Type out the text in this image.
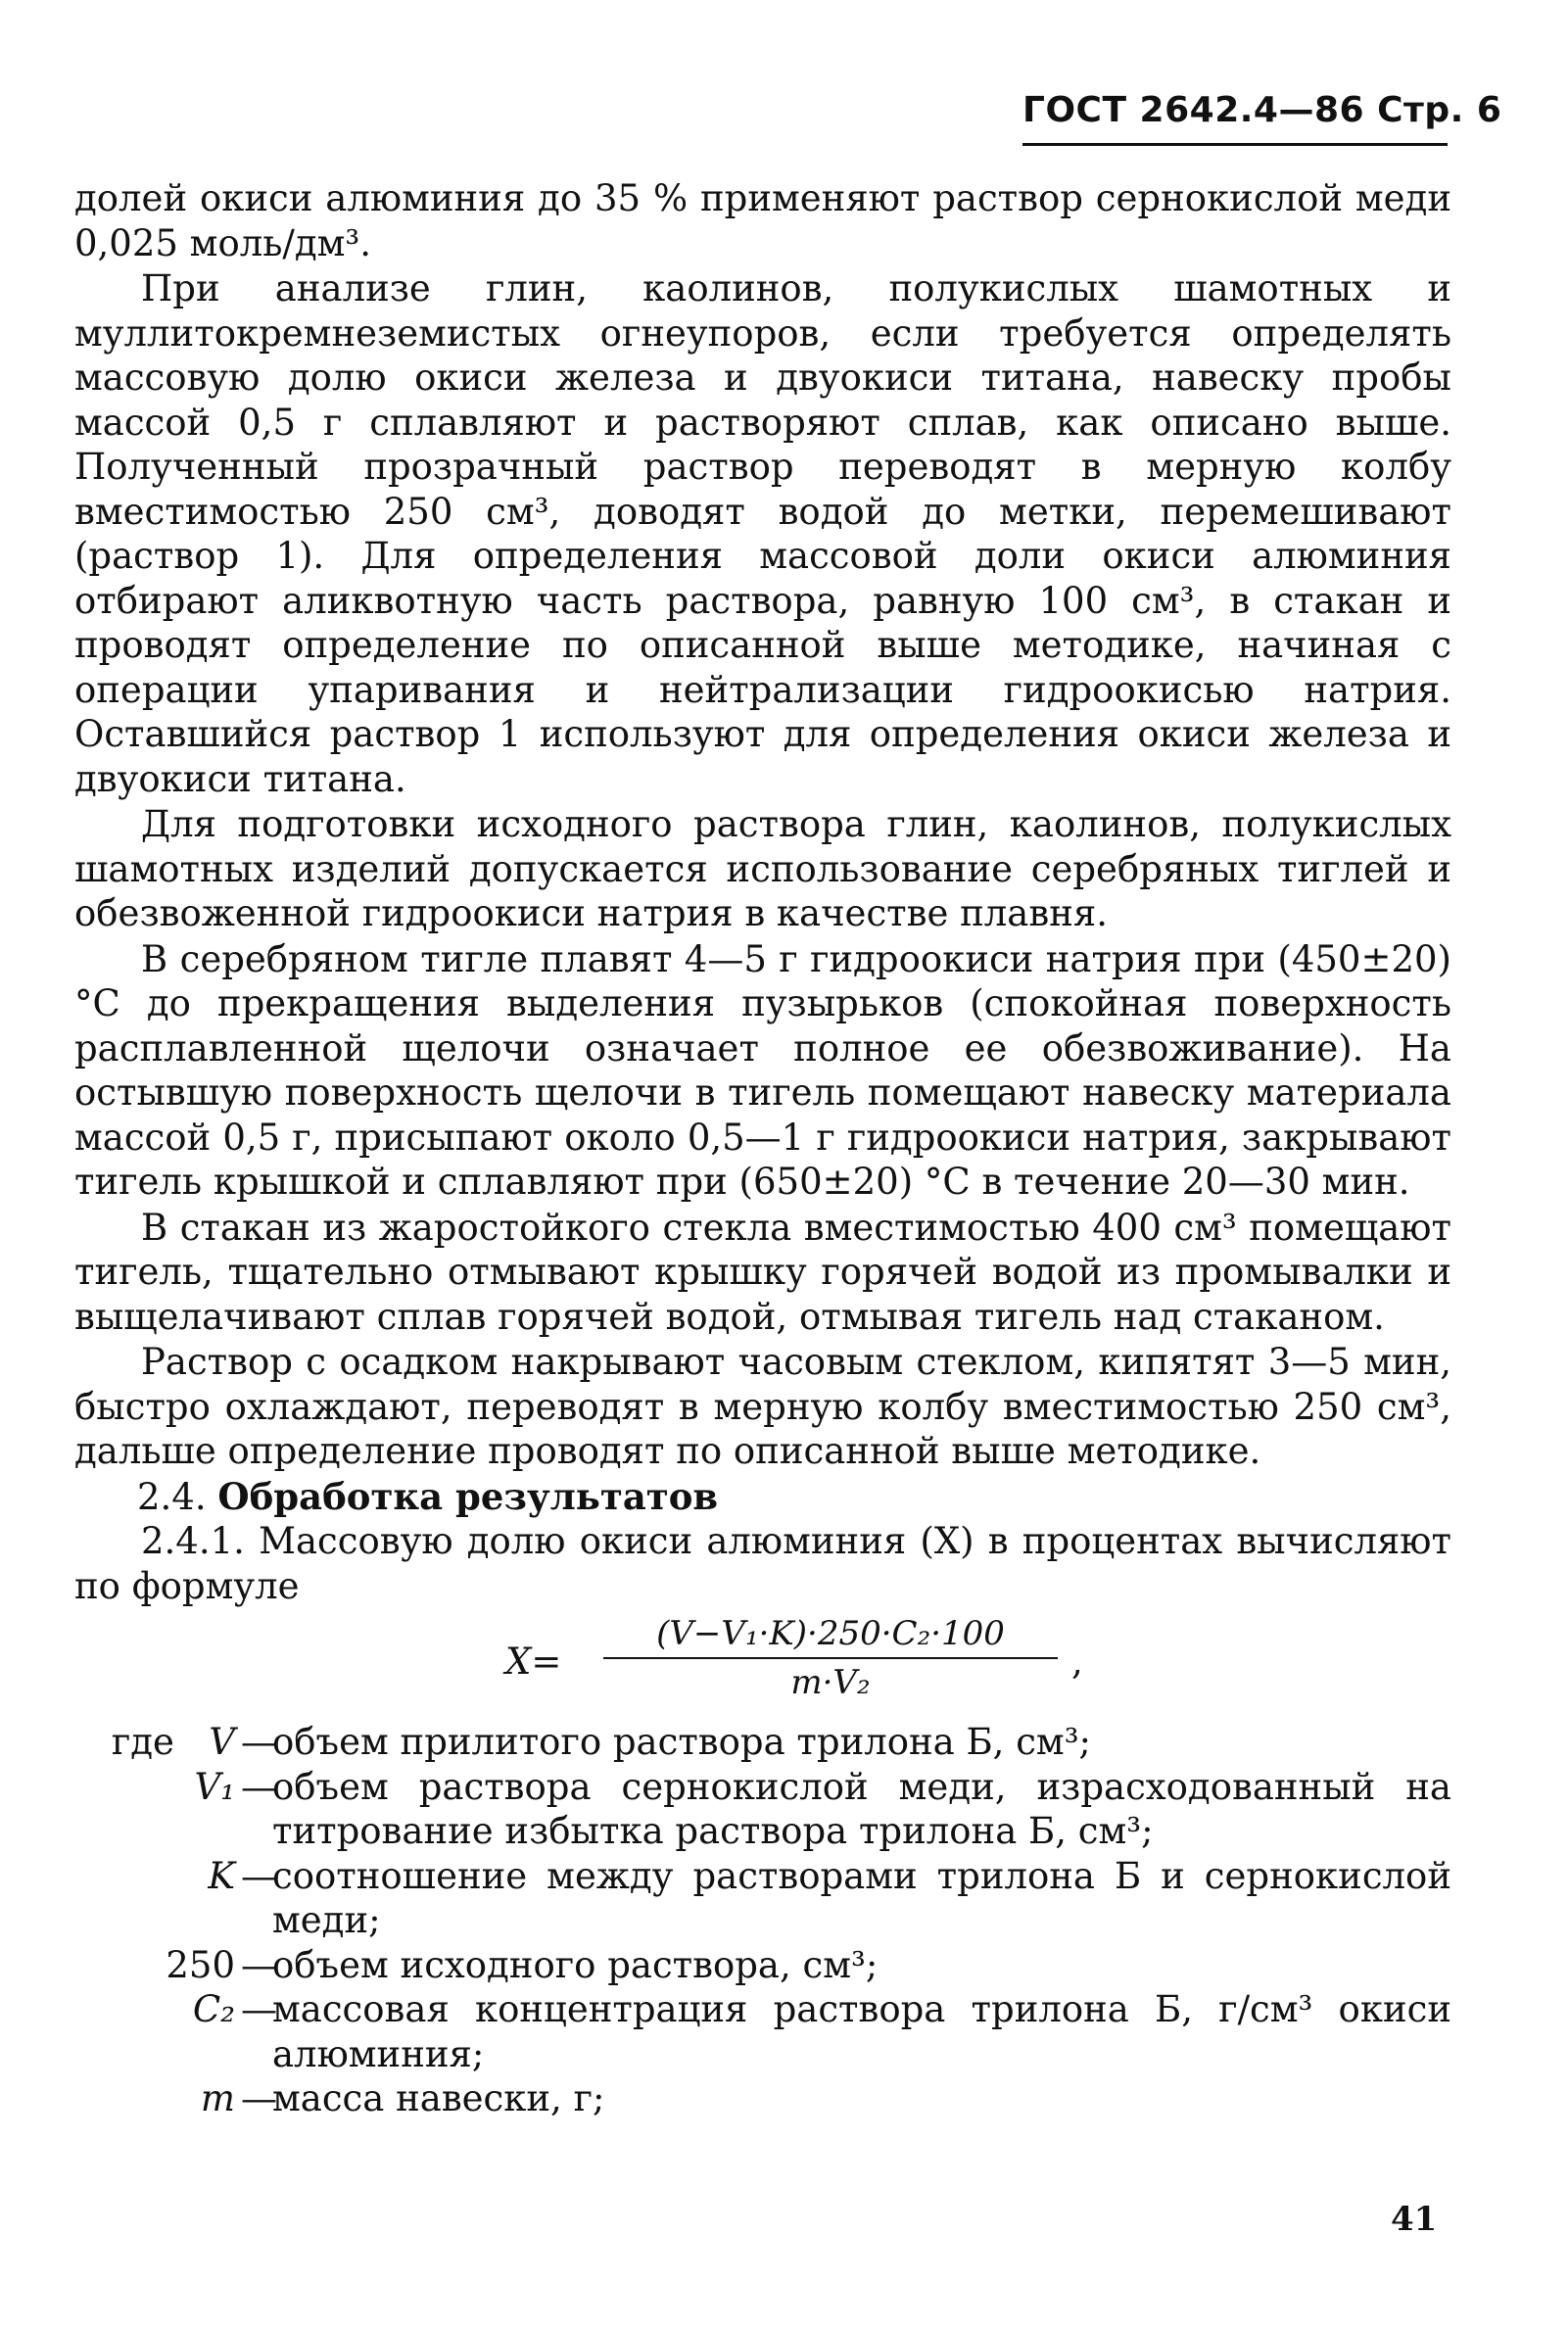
ГОСТ 2642.4—86 Стр. 6

долей окиси алюминия до 35 % применяют раствор сернокислой меди 0,025 моль/дм³.

При анализе глин, каолинов, полукислых шамотных и муллитокремнеземистых огнеупоров, если требуется определять массовую долю окиси железа и двуокиси титана, навеску пробы массой 0,5 г сплавляют и растворяют сплав, как описано выше. Полученный прозрачный раствор переводят в мерную колбу вместимостью 250 см³, доводят водой до метки, перемешивают (раствор 1). Для определения массовой доли окиси алюминия отбирают аликвотную часть раствора, равную 100 см³, в стакан и проводят определение по описанной выше методике, начиная с операции упаривания и нейтрализации гидроокисью натрия. Оставшийся раствор 1 используют для определения окиси железа и двуокиси титана.

Для подготовки исходного раствора глин, каолинов, полукислых шамотных изделий допускается использование серебряных тиглей и обезвоженной гидроокиси натрия в качестве плавня.

В серебряном тигле плавят 4—5 г гидроокиси натрия при (450±20) °С до прекращения выделения пузырьков (спокойная поверхность расплавленной щелочи означает полное ее обезвоживание). На остывшую поверхность щелочи в тигель помещают навеску материала массой 0,5 г, присыпают около 0,5—1 г гидроокиси натрия, закрывают тигель крышкой и сплавляют при (650±20) °С в течение 20—30 мин.

В стакан из жаростойкого стекла вместимостью 400 см³ помещают тигель, тщательно отмывают крышку горячей водой из промывалки и выщелачивают сплав горячей водой, отмывая тигель над стаканом.

Раствор с осадком накрывают часовым стеклом, кипятят 3—5 мин, быстро охлаждают, переводят в мерную колбу вместимостью 250 см³, дальше определение проводят по описанной выше методике.

2.4. Обработка результатов

2.4.1. Массовую долю окиси алюминия (X) в процентах вычисляют по формуле

X=
(V−V₁·K)·250·C₂·100
m·V₂	,
где V —
объем прилитого раствора трилона Б, см³;
V₁ —
объем раствора сернокислой меди, израсходованный на титрование избытка раствора трилона Б, см³;
K —
соотношение между растворами трилона Б и сернокислой меди;
250 —
объем исходного раствора, см³;
C₂ —
массовая концентрация раствора трилона Б, г/см³ окиси алюминия;
m —
масса навески, г;
41
